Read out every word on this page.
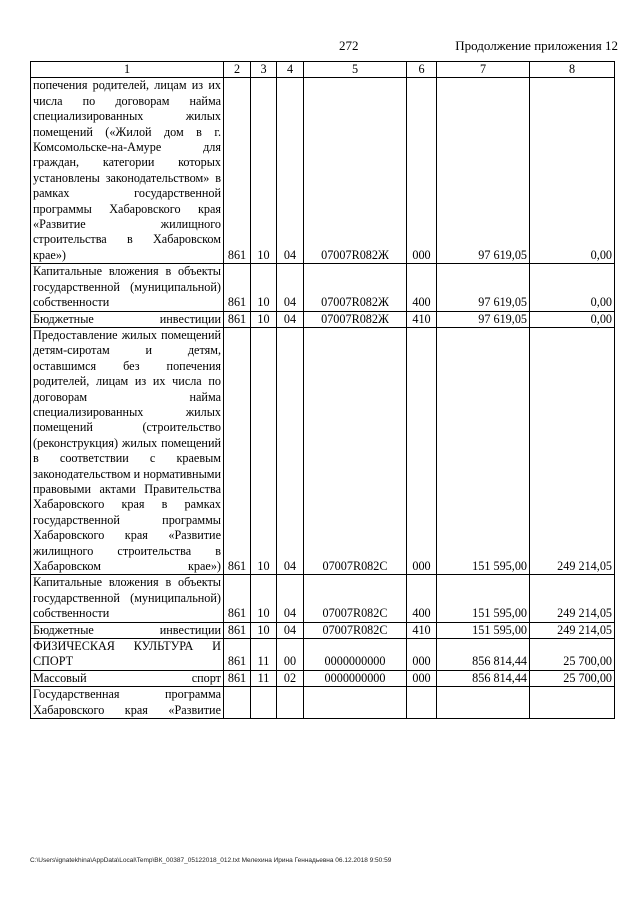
272	Продолжение приложения 12
1	2	3	4	5	6	7	8
попечения родителей, лицам из их числа по договорам найма специализированных жилых помещений («Жилой дом в г. Комсомольске-на-Амуре для граждан, категории которых установлены законодательством» в рамках государственной программы Хабаровского края «Развитие жилищного строительства в Хабаровском крае»)	861	10	04	07007R082Ж	000	97 619,05	0,00
Капитальные вложения в объекты государственной (муниципальной) собственности	861	10	04	07007R082Ж	400	97 619,05	0,00
Бюджетные инвестиции	861	10	04	07007R082Ж	410	97 619,05	0,00
Предоставление жилых помещений детям-сиротам и детям, оставшимся без попечения родителей, лицам из их числа по договорам найма специализированных жилых помещений (строительство (реконструкция) жилых помещений в соответствии с краевым законодательством и нормативными правовыми актами Правительства Хабаровского края в рамках государственной программы Хабаровского края «Развитие жилищного строительства в Хабаровском крае»)	861	10	04	07007R082С	000	151 595,00	249 214,05
Капитальные вложения в объекты государственной (муниципальной) собственности	861	10	04	07007R082С	400	151 595,00	249 214,05
Бюджетные инвестиции	861	10	04	07007R082С	410	151 595,00	249 214,05
ФИЗИЧЕСКАЯ КУЛЬТУРА И СПОРТ	861	11	00	0000000000	000	856 814,44	25 700,00
Массовый спорт	861	11	02	0000000000	000	856 814,44	25 700,00
Государственная программа Хабаровского края «Развитие							
C:\Users\ignatekhina\AppData\Local\Temp\ВК_00387_05122018_012.txt Мелехина Ирина Геннадьевна 06.12.2018 9:50:59
